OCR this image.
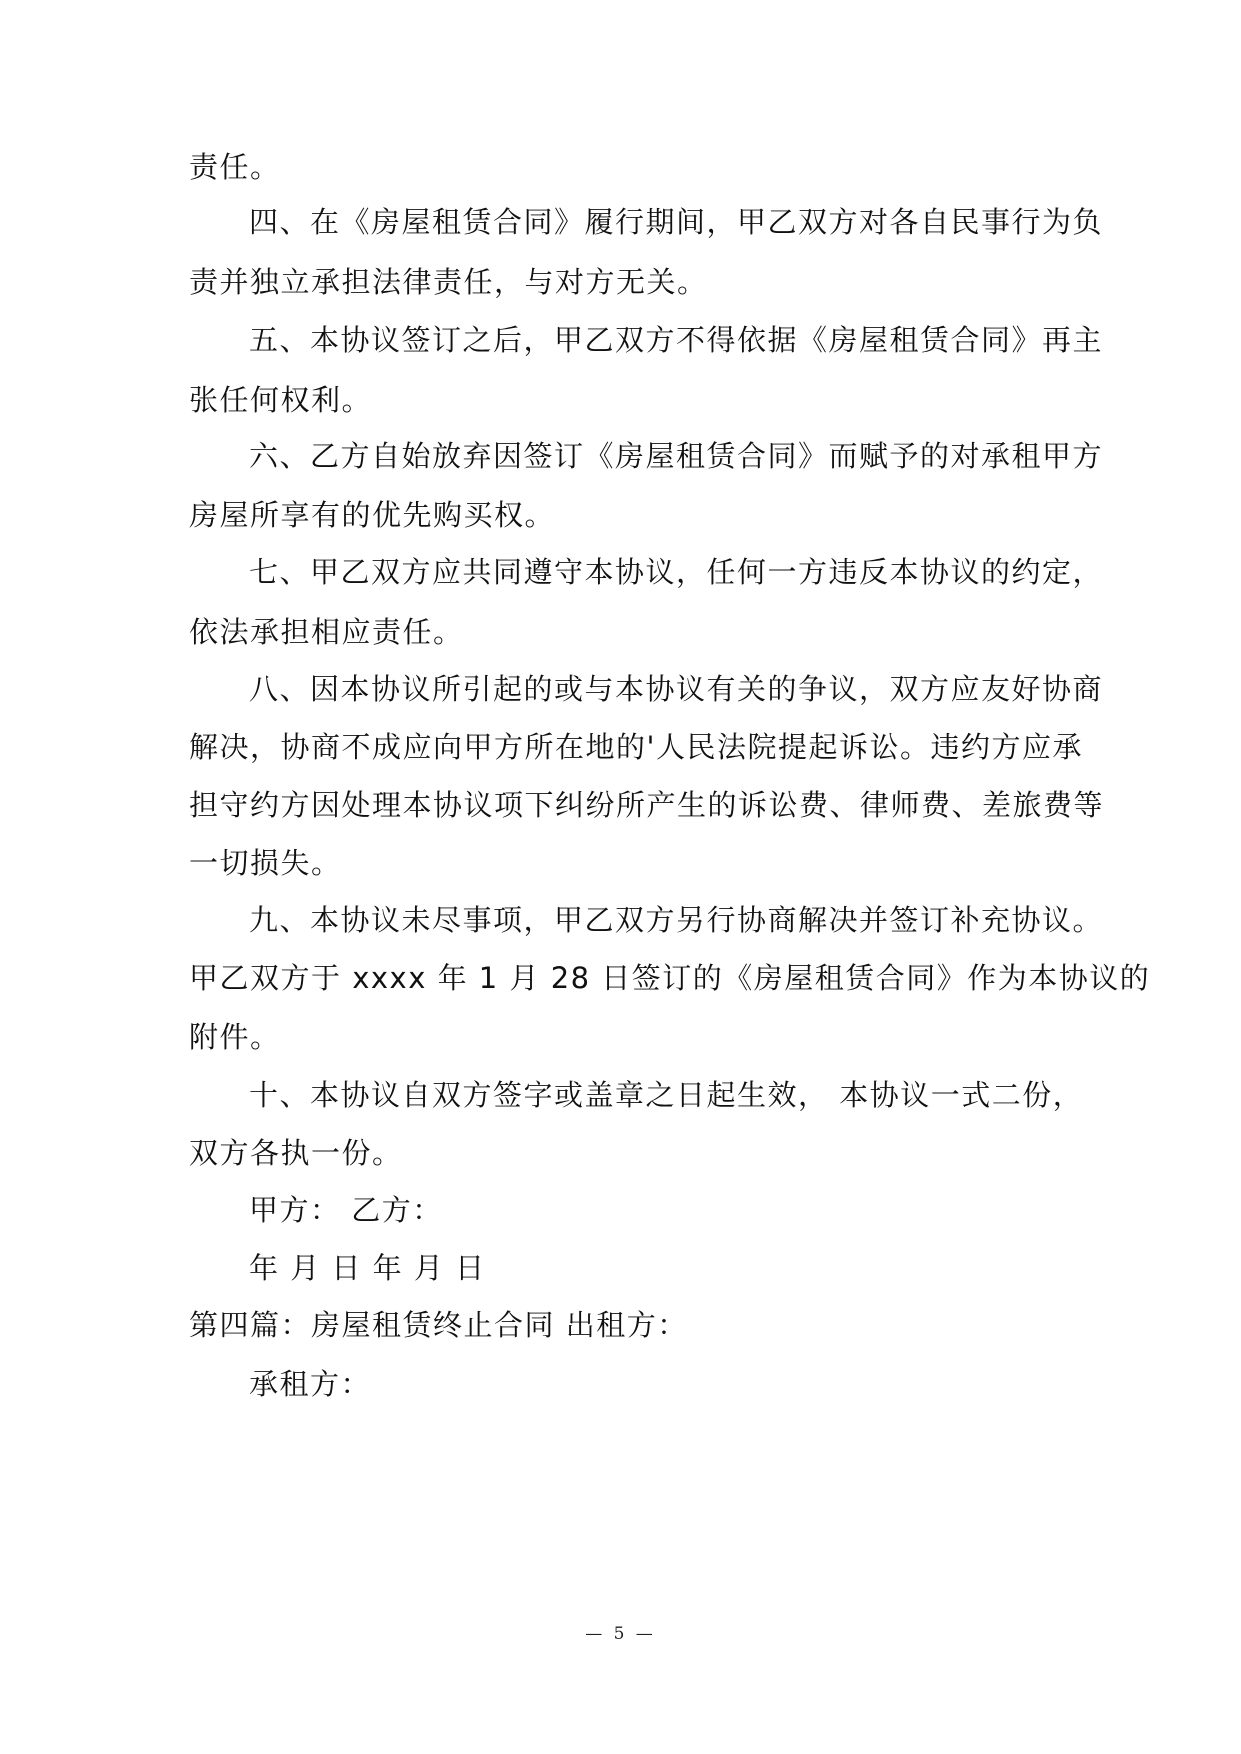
责任。
四、在《房屋租赁合同》履行期间，甲乙双方对各自民事行为负
责并独立承担法律责任，与对方无关。
五、本协议签订之后，甲乙双方不得依据《房屋租赁合同》再主
张任何权利。
六、乙方自始放弃因签订《房屋租赁合同》而赋予的对承租甲方
房屋所享有的优先购买权。
七、甲乙双方应共同遵守本协议，任何一方违反本协议的约定，
依法承担相应责任。
八、因本协议所引起的或与本协议有关的争议，双方应友好协商
解决，协商不成应向甲方所在地的'人民法院提起诉讼。违约方应承
担守约方因处理本协议项下纠纷所产生的诉讼费、律师费、差旅费等
一切损失。
九、本协议未尽事项，甲乙双方另行协商解决并签订补充协议。
甲乙双方于 xxxx 年 1 月 28 日签订的《房屋租赁合同》作为本协议的
附件。
十、本协议自双方签字或盖章之日起生效， 本协议一式二份，
双方各执一份。
甲方： 乙方：
年 月 日 年 月 日
第四篇：房屋租赁终止合同 出租方：
承租方：
— 5 —
